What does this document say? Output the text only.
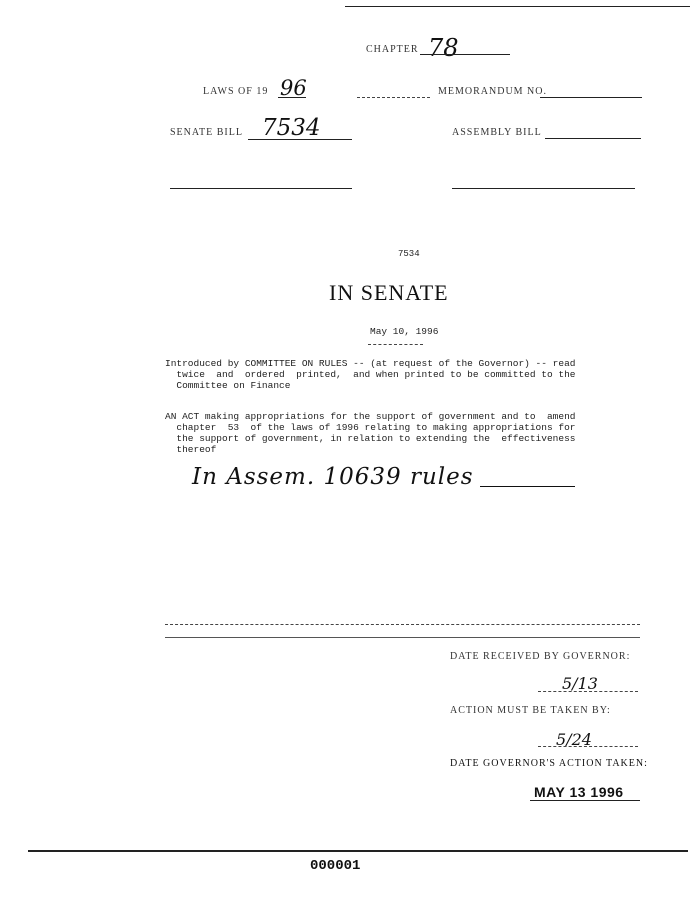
CHAPTER 78
LAWS OF 19 96	MEMORANDUM NO.
SENATE BILL 7534	ASSEMBLY BILL
7534
IN SENATE
May 10, 1996
Introduced by COMMITTEE ON RULES -- (at request of the Governor) -- read
twice  and  ordered  printed,  and when printed to be committed to the
Committee on Finance
AN ACT making appropriations for the support of government and to  amend
chapter  53  of the laws of 1996 relating to making appropriations for
the support of government, in relation to extending the  effectiveness
thereof
In Assem. 10639 rules
DATE RECEIVED BY GOVERNOR:
5/13
ACTION MUST BE TAKEN BY:
5/24
DATE GOVERNOR'S ACTION TAKEN:
MAY 13 1996
000001
